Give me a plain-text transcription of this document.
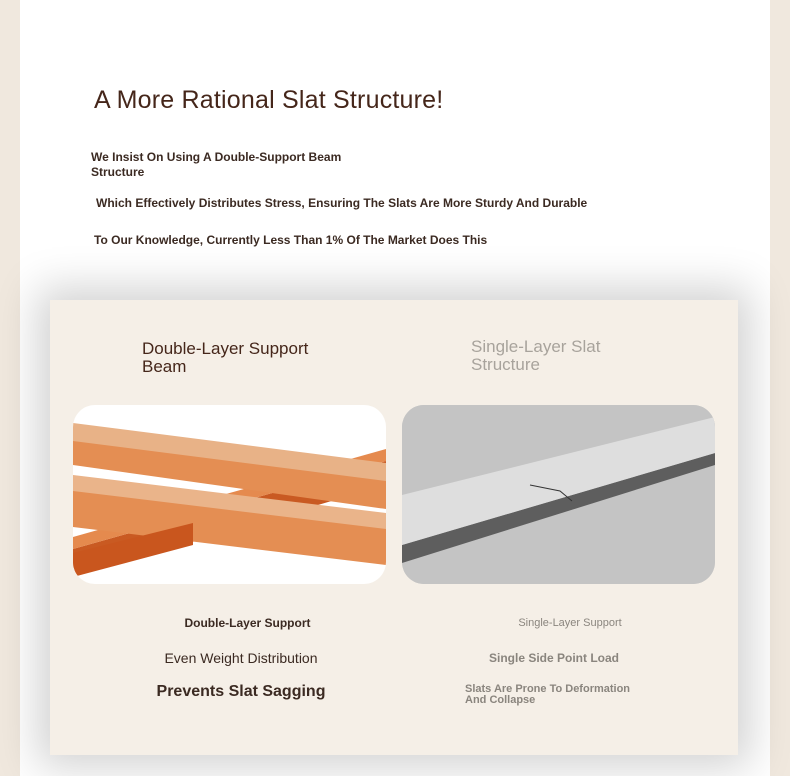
A More Rational Slat Structure!
We Insist On Using A Double-Support Beam Structure
Which Effectively Distributes Stress, Ensuring The Slats Are More Sturdy And Durable
To Our Knowledge, Currently Less Than 1% Of The Market Does This
Double-Layer Support Beam
Single-Layer Slat Structure
Double-Layer Support
Even Weight Distribution
Prevents Slat Sagging
Single-Layer Support
Single Side Point Load
Slats Are Prone To Deformation And Collapse
